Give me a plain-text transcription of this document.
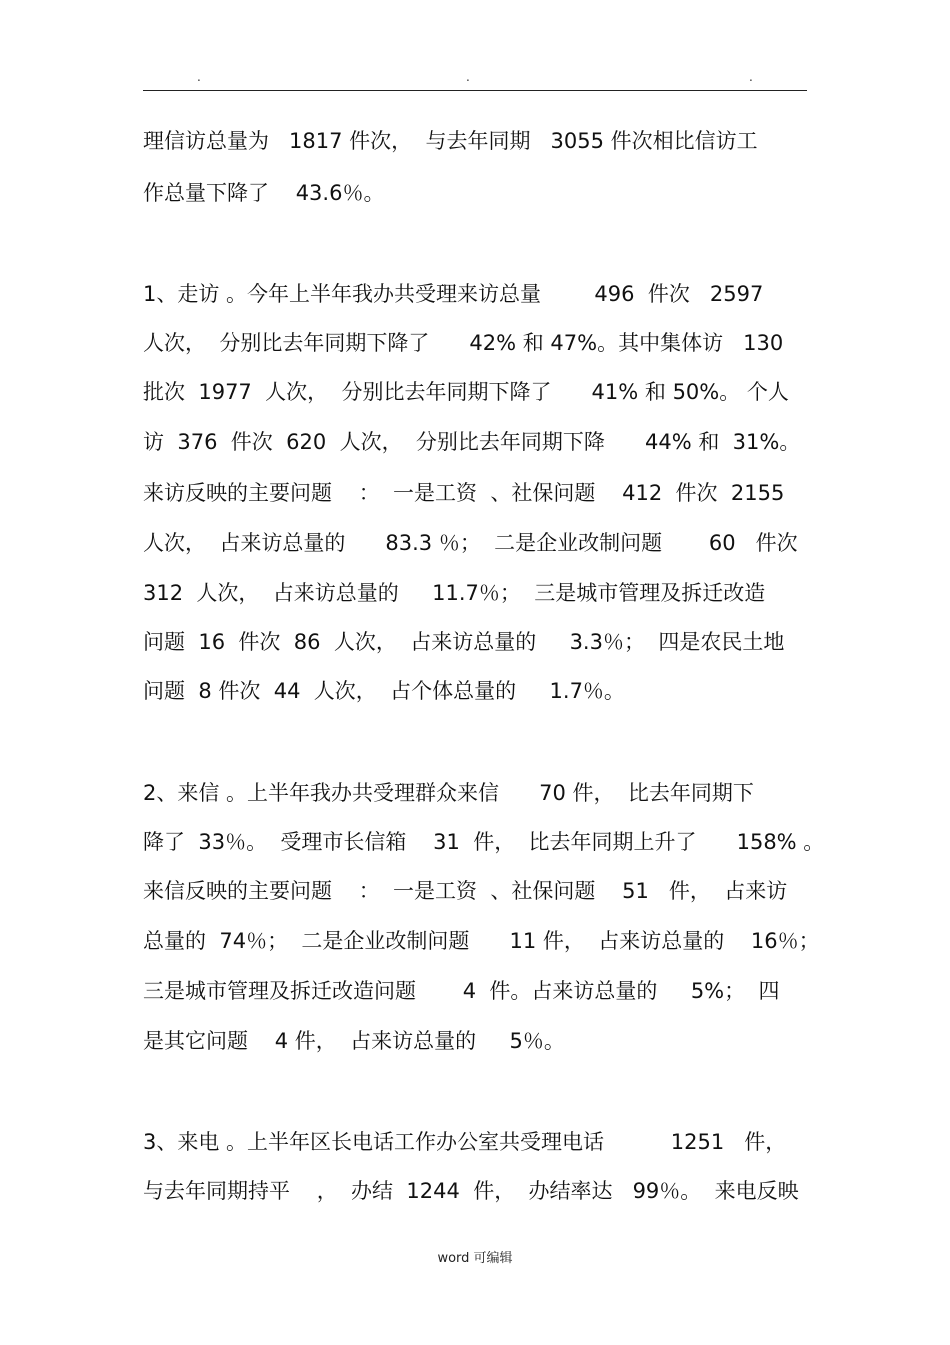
.	.	.
理信访总量为   1817 件次，  与去年同期   3055 件次相比信访工
作总量下降了    43.6％。
1、走访 。今年上半年我办共受理来访总量        496  件次   2597
人次，  分别比去年同期下降了      42% 和 47%。其中集体访   130
批次  1977  人次，  分别比去年同期下降了      41% 和 50%。 个人
访  376  件次  620  人次，  分别比去年同期下降      44% 和  31%。
来访反映的主要问题    ：  一是工资  、社保问题    412  件次  2155
人次，  占来访总量的      83.3 ％；  二是企业改制问题       60   件次
312  人次，  占来访总量的     11.7％；  三是城市管理及拆迁改造
问题  16  件次  86  人次，  占来访总量的     3.3％；  四是农民土地
问题  8 件次  44  人次，  占个体总量的     1.7％。
2、来信 。上半年我办共受理群众来信      70 件，  比去年同期下
降了  33％。  受理市长信箱    31  件，  比去年同期上升了      158% 。
来信反映的主要问题    ：  一是工资  、社保问题    51   件，  占来访
总量的  74％；  二是企业改制问题      11 件，  占来访总量的    16％；
三是城市管理及拆迁改造问题       4  件。占来访总量的     5%；  四
是其它问题    4 件，  占来访总量的     5％。
3、来电 。上半年区长电话工作办公室共受理电话          1251   件，
与去年同期持平    ，  办结  1244  件，  办结率达   99％。  来电反映
word 可编辑
